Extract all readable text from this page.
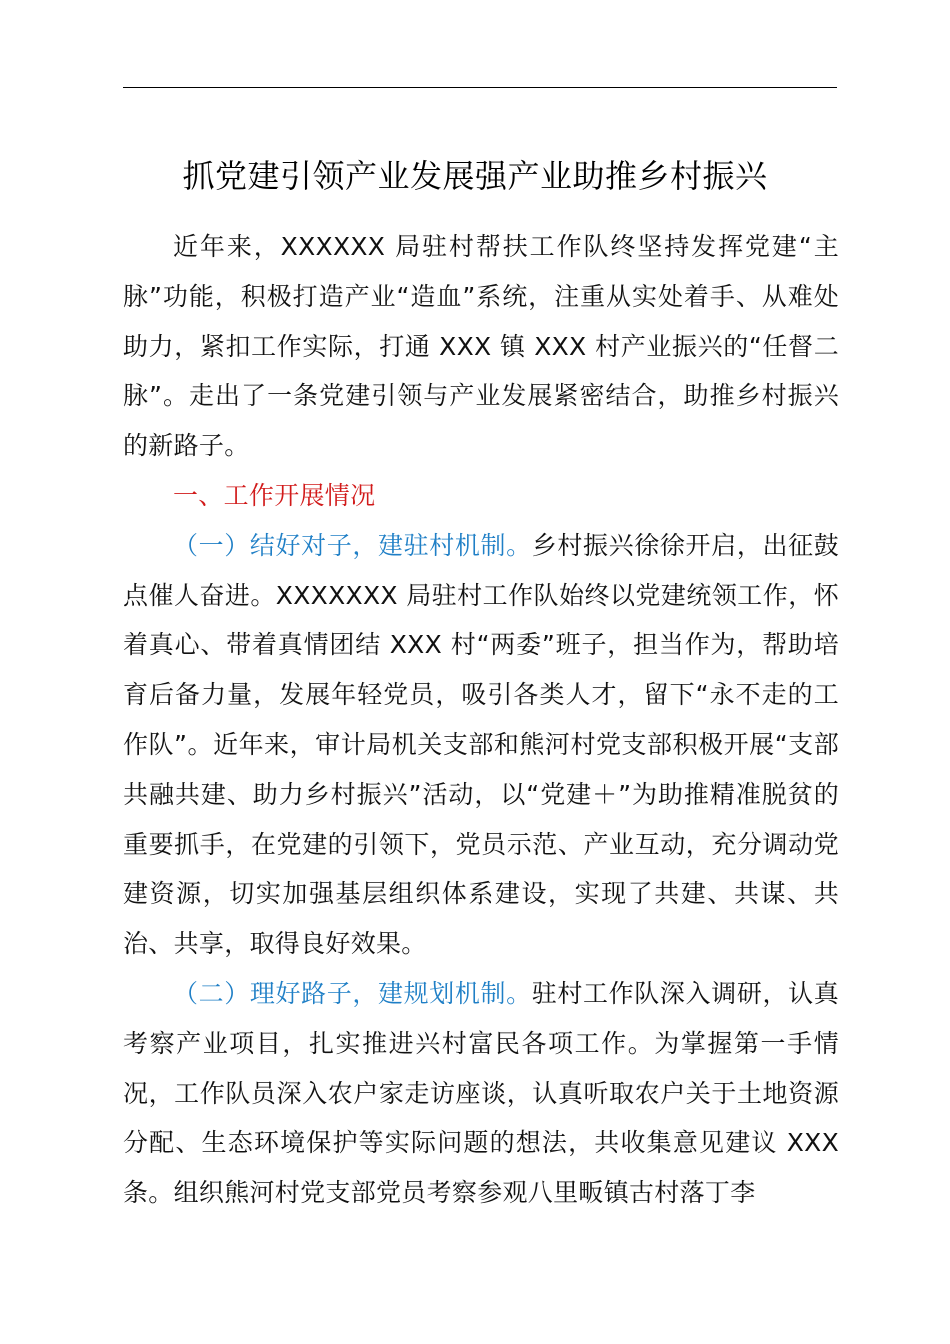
抓党建引领产业发展强产业助推乡村振兴

近年来，XXXXXX 局驻村帮扶工作队终坚持发挥党建“主脉”功能，积极打造产业“造血”系统，注重从实处着手、从难处助力，紧扣工作实际，打通 XXX 镇 XXX 村产业振兴的“任督二脉”。走出了一条党建引领与产业发展紧密结合，助推乡村振兴的新路子。

一、工作开展情况

（一）结好对子，建驻村机制。乡村振兴徐徐开启，出征鼓点催人奋进。XXXXXXX 局驻村工作队始终以党建统领工作，怀着真心、带着真情团结 XXX 村“两委”班子，担当作为，帮助培育后备力量，发展年轻党员，吸引各类人才，留下“永不走的工作队”。近年来，审计局机关支部和熊河村党支部积极开展“支部共融共建、助力乡村振兴”活动，以“党建＋”为助推精准脱贫的重要抓手，在党建的引领下，党员示范、产业互动，充分调动党建资源，切实加强基层组织体系建设，实现了共建、共谋、共治、共享，取得良好效果。

（二）理好路子，建规划机制。驻村工作队深入调研，认真考察产业项目，扎实推进兴村富民各项工作。为掌握第一手情况，工作队员深入农户家走访座谈，认真听取农户关于土地资源分配、生态环境保护等实际问题的想法，共收集意见建议 XXX 条。组织熊河村党支部党员考察参观八里畈镇古村落丁李
